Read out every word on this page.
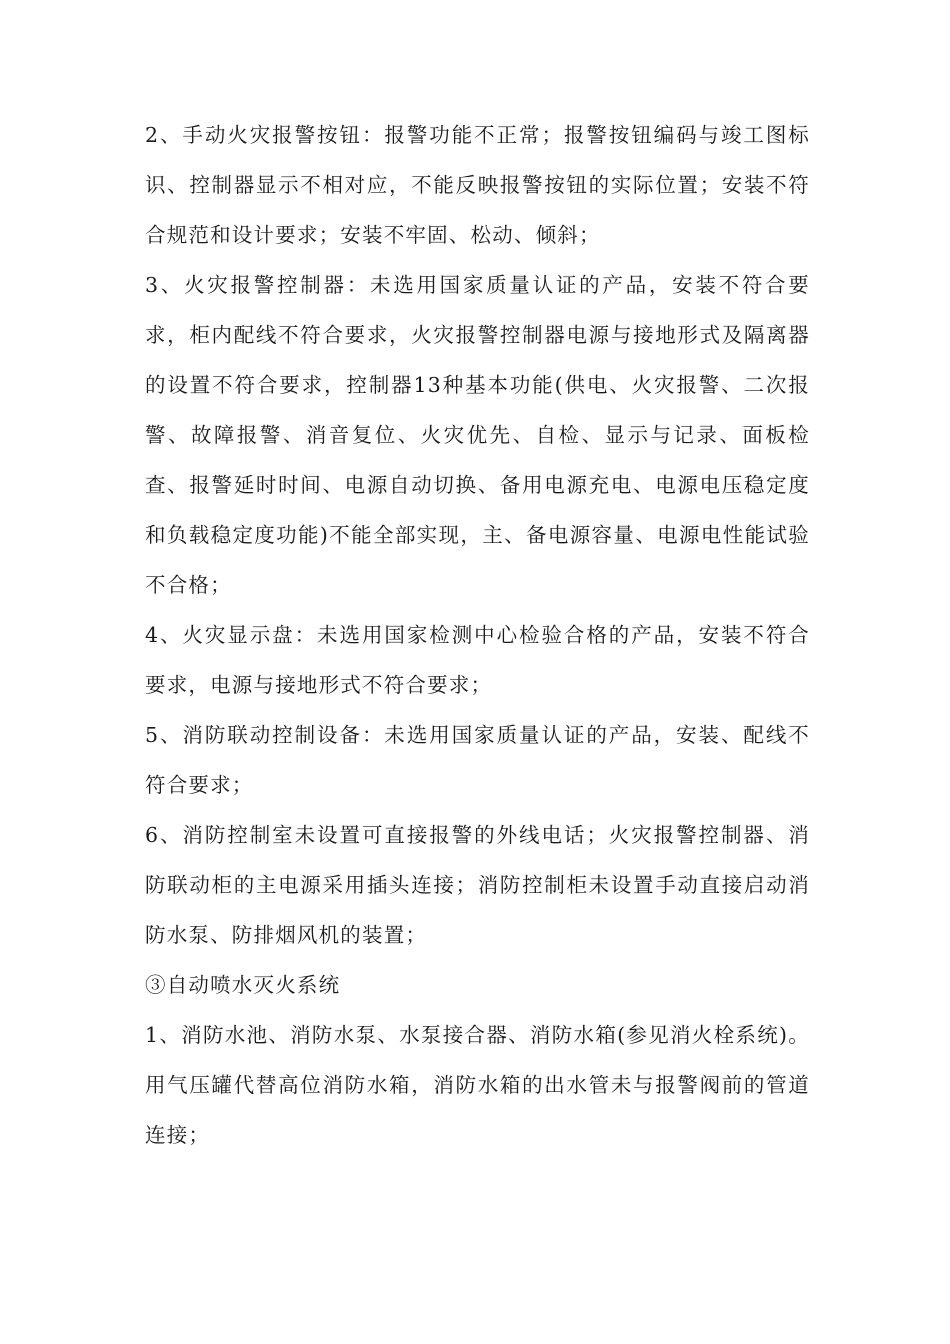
2、手动火灾报警按钮：报警功能不正常；报警按钮编码与竣工图标识、控制器显示不相对应，不能反映报警按钮的实际位置；安装不符合规范和设计要求；安装不牢固、松动、倾斜；

3、火灾报警控制器：未选用国家质量认证的产品，安装不符合要求，柜内配线不符合要求，火灾报警控制器电源与接地形式及隔离器的设置不符合要求，控制器13种基本功能(供电、火灾报警、二次报警、故障报警、消音复位、火灾优先、自检、显示与记录、面板检查、报警延时时间、电源自动切换、备用电源充电、电源电压稳定度和负载稳定度功能)不能全部实现，主、备电源容量、电源电性能试验不合格；

4、火灾显示盘：未选用国家检测中心检验合格的产品，安装不符合要求，电源与接地形式不符合要求；

5、消防联动控制设备：未选用国家质量认证的产品，安装、配线不符合要求；

6、消防控制室未设置可直接报警的外线电话；火灾报警控制器、消防联动柜的主电源采用插头连接；消防控制柜未设置手动直接启动消防水泵、防排烟风机的装置；

③自动喷水灭火系统

1、消防水池、消防水泵、水泵接合器、消防水箱(参见消火栓系统)。用气压罐代替高位消防水箱，消防水箱的出水管未与报警阀前的管道连接；
